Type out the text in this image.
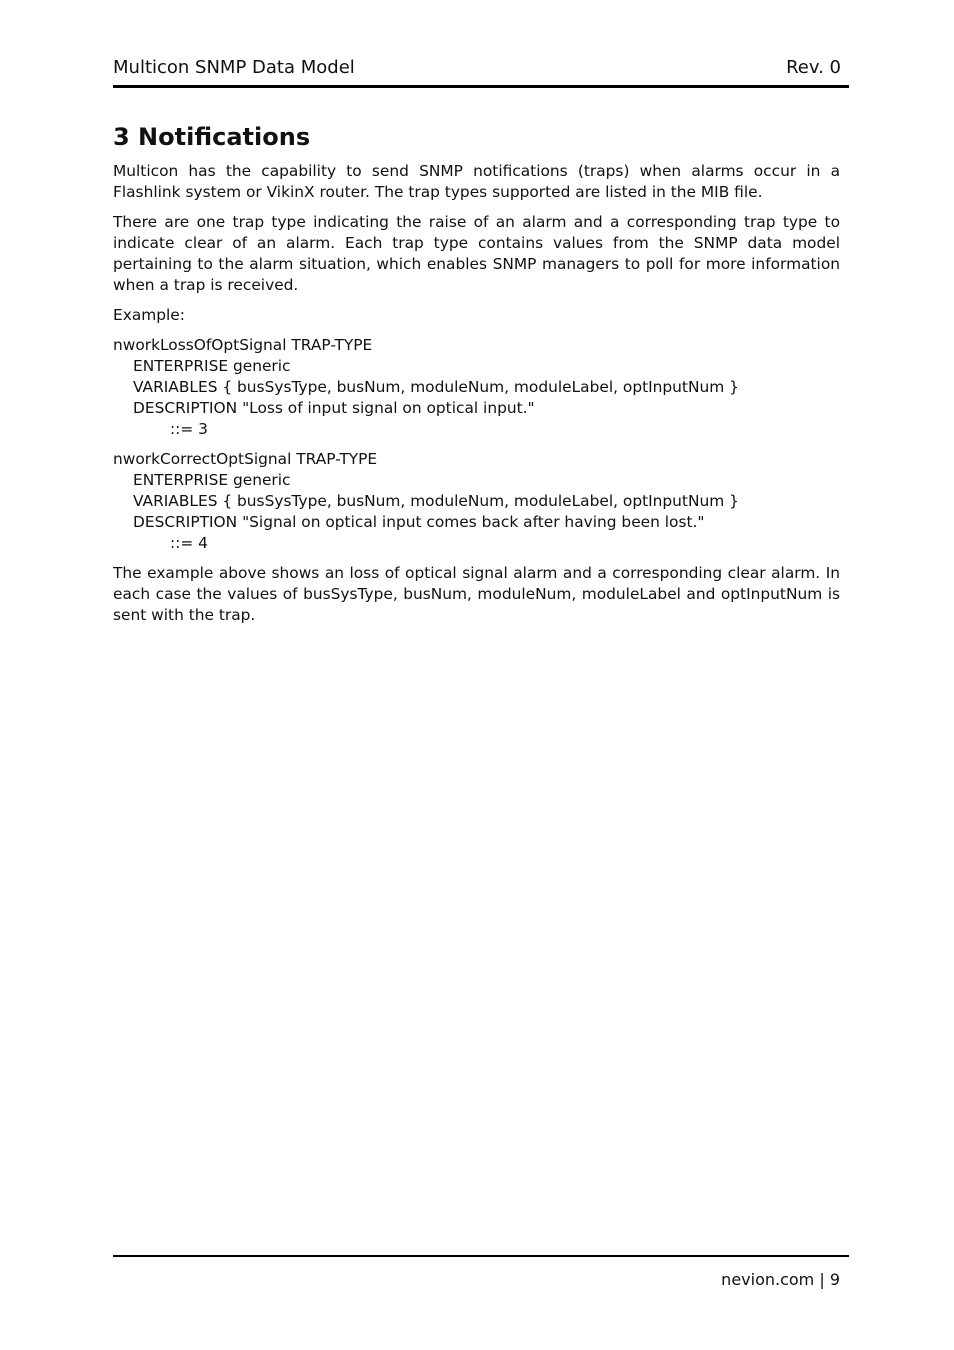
Multicon SNMP Data Model	Rev. 0
3 Notifications

Multicon has the capability to send SNMP notifications (traps) when alarms occur in a Flashlink system or VikinX router. The trap types supported are listed in the MIB file.

There are one trap type indicating the raise of an alarm and a corresponding trap type to indicate clear of an alarm. Each trap type contains values from the SNMP data model pertaining to the alarm situation, which enables SNMP managers to poll for more information when a trap is received.

Example:

nworkLossOfOptSignal TRAP-TYPE
ENTERPRISE generic
VARIABLES { busSysType, busNum, moduleNum, moduleLabel, optInputNum }
DESCRIPTION "Loss of input signal on optical input."
::= 3
nworkCorrectOptSignal TRAP-TYPE
ENTERPRISE generic
VARIABLES { busSysType, busNum, moduleNum, moduleLabel, optInputNum }
DESCRIPTION "Signal on optical input comes back after having been lost."
::= 4

The example above shows an loss of optical signal alarm and a corresponding clear alarm. In each case the values of busSysType, busNum, moduleNum, moduleLabel and optInputNum is sent with the trap.

nevion.com | 9
